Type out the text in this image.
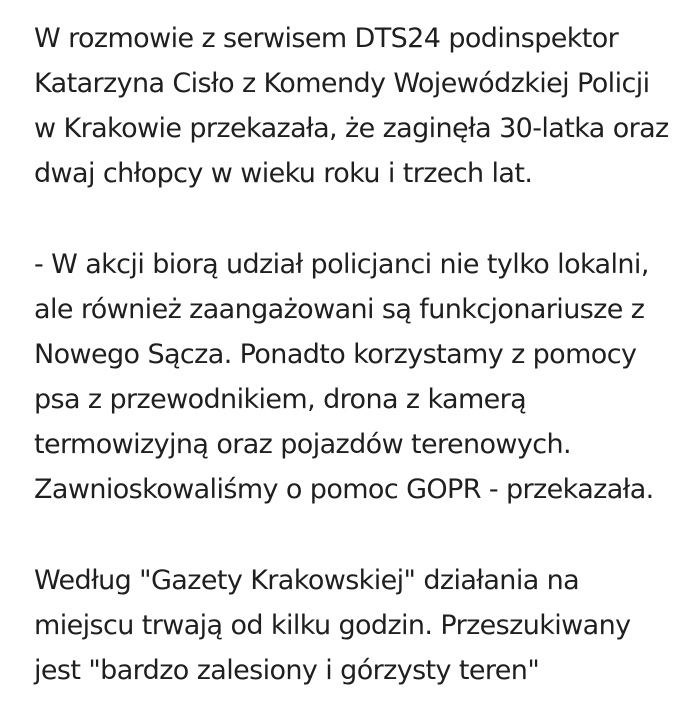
W rozmowie z serwisem DTS24 podinspektor
Katarzyna Cisło z Komendy Wojewódzkiej Policji
w Krakowie przekazała, że zaginęła 30-latka oraz
dwaj chłopcy w wieku roku i trzech lat.

- W akcji biorą udział policjanci nie tylko lokalni,
ale również zaangażowani są funkcjonariusze z
Nowego Sącza. Ponadto korzystamy z pomocy
psa z przewodnikiem, drona z kamerą
termowizyjną oraz pojazdów terenowych.
Zawnioskowaliśmy o pomoc GOPR - przekazała.

Według "Gazety Krakowskiej" działania na
miejscu trwają od kilku godzin. Przeszukiwany
jest "bardzo zalesiony i górzysty teren"
